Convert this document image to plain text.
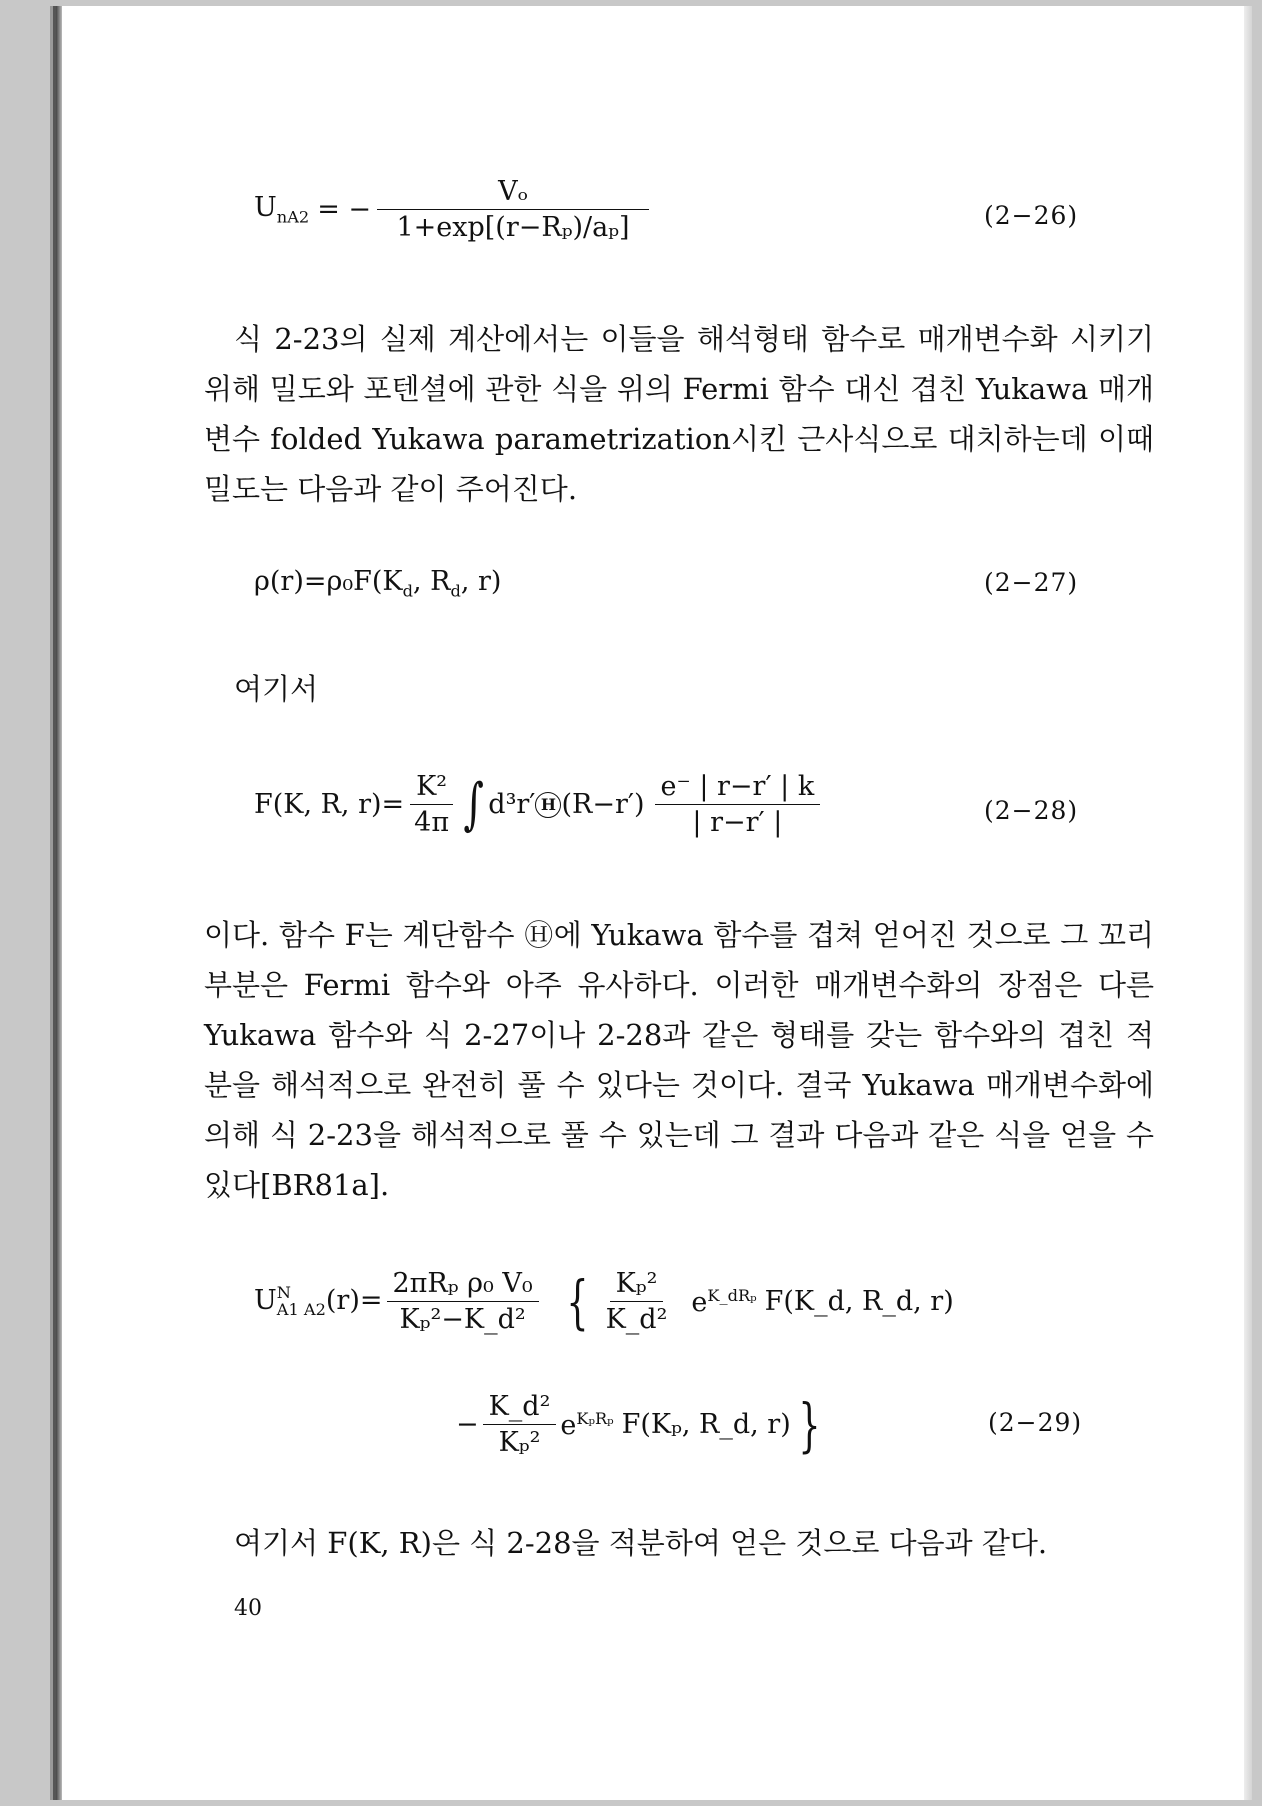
$U_{nA2}$ = − $\frac{\text{Vₒ}}{\text{1+exp[(r−Rₚ)/aₚ]}}$	(2−26)

식 2-23의 실제 계산에서는 이들을 해석형태 함수로 매개변수화 시키기 위해 밀도와 포텐셜에 관한 식을 위의 Fermi 함수 대신 겹친 Yukawa 매개변수 folded Yukawa parametrization시킨 근사식으로 대치하는데 이때 밀도는 다음과 같이 주어진다.

$\rho(r)=\rho_0F(K_d$, $R_d$, r)	(2−27)

여기서

F(K, R, $r)= \frac{\text{K²}}{4\pi}$ ∫ d³r′ H $(R-r') \frac{e^- | r-r' | k}{| r-r' |}$	(2−28)

이다. 함수 F는 계단함수 Ⓗ에 Yukawa 함수를 겹쳐 얻어진 것으로 그 꼬리 부분은 Fermi 함수와 아주 유사하다. 이러한 매개변수화의 장점은 다른 Yukawa 함수와 식 2-27이나 2-28과 같은 형태를 갖는 함수와의 겹친 적분을 해석적으로 완전히 풀 수 있다는 것이다. 결국 Yukawa 매개변수화에 의해 식 2-23을 해석적으로 풀 수 있는데 그 결과 다음과 같은 식을 얻을 수 있다[BR81a].

U N
A1 A2 $(r)= \frac{\text{2πRₚ ρ₀ V₀}}{\text{Kₚ²−K\_d²}}$ { $\frac{\text{Kₚ²}}{\text{K\_d²}} e^{K\_dR_p}$ F(K_d, R_d, r)
− $\frac{\text{K\_d²}}{\text{Kₚ²}} e^{K_pR_p}$ F(Kₚ, R_d, r) }	(2−29)

여기서 F(K, R)은 식 2-28을 적분하여 얻은 것으로 다음과 같다.

40
